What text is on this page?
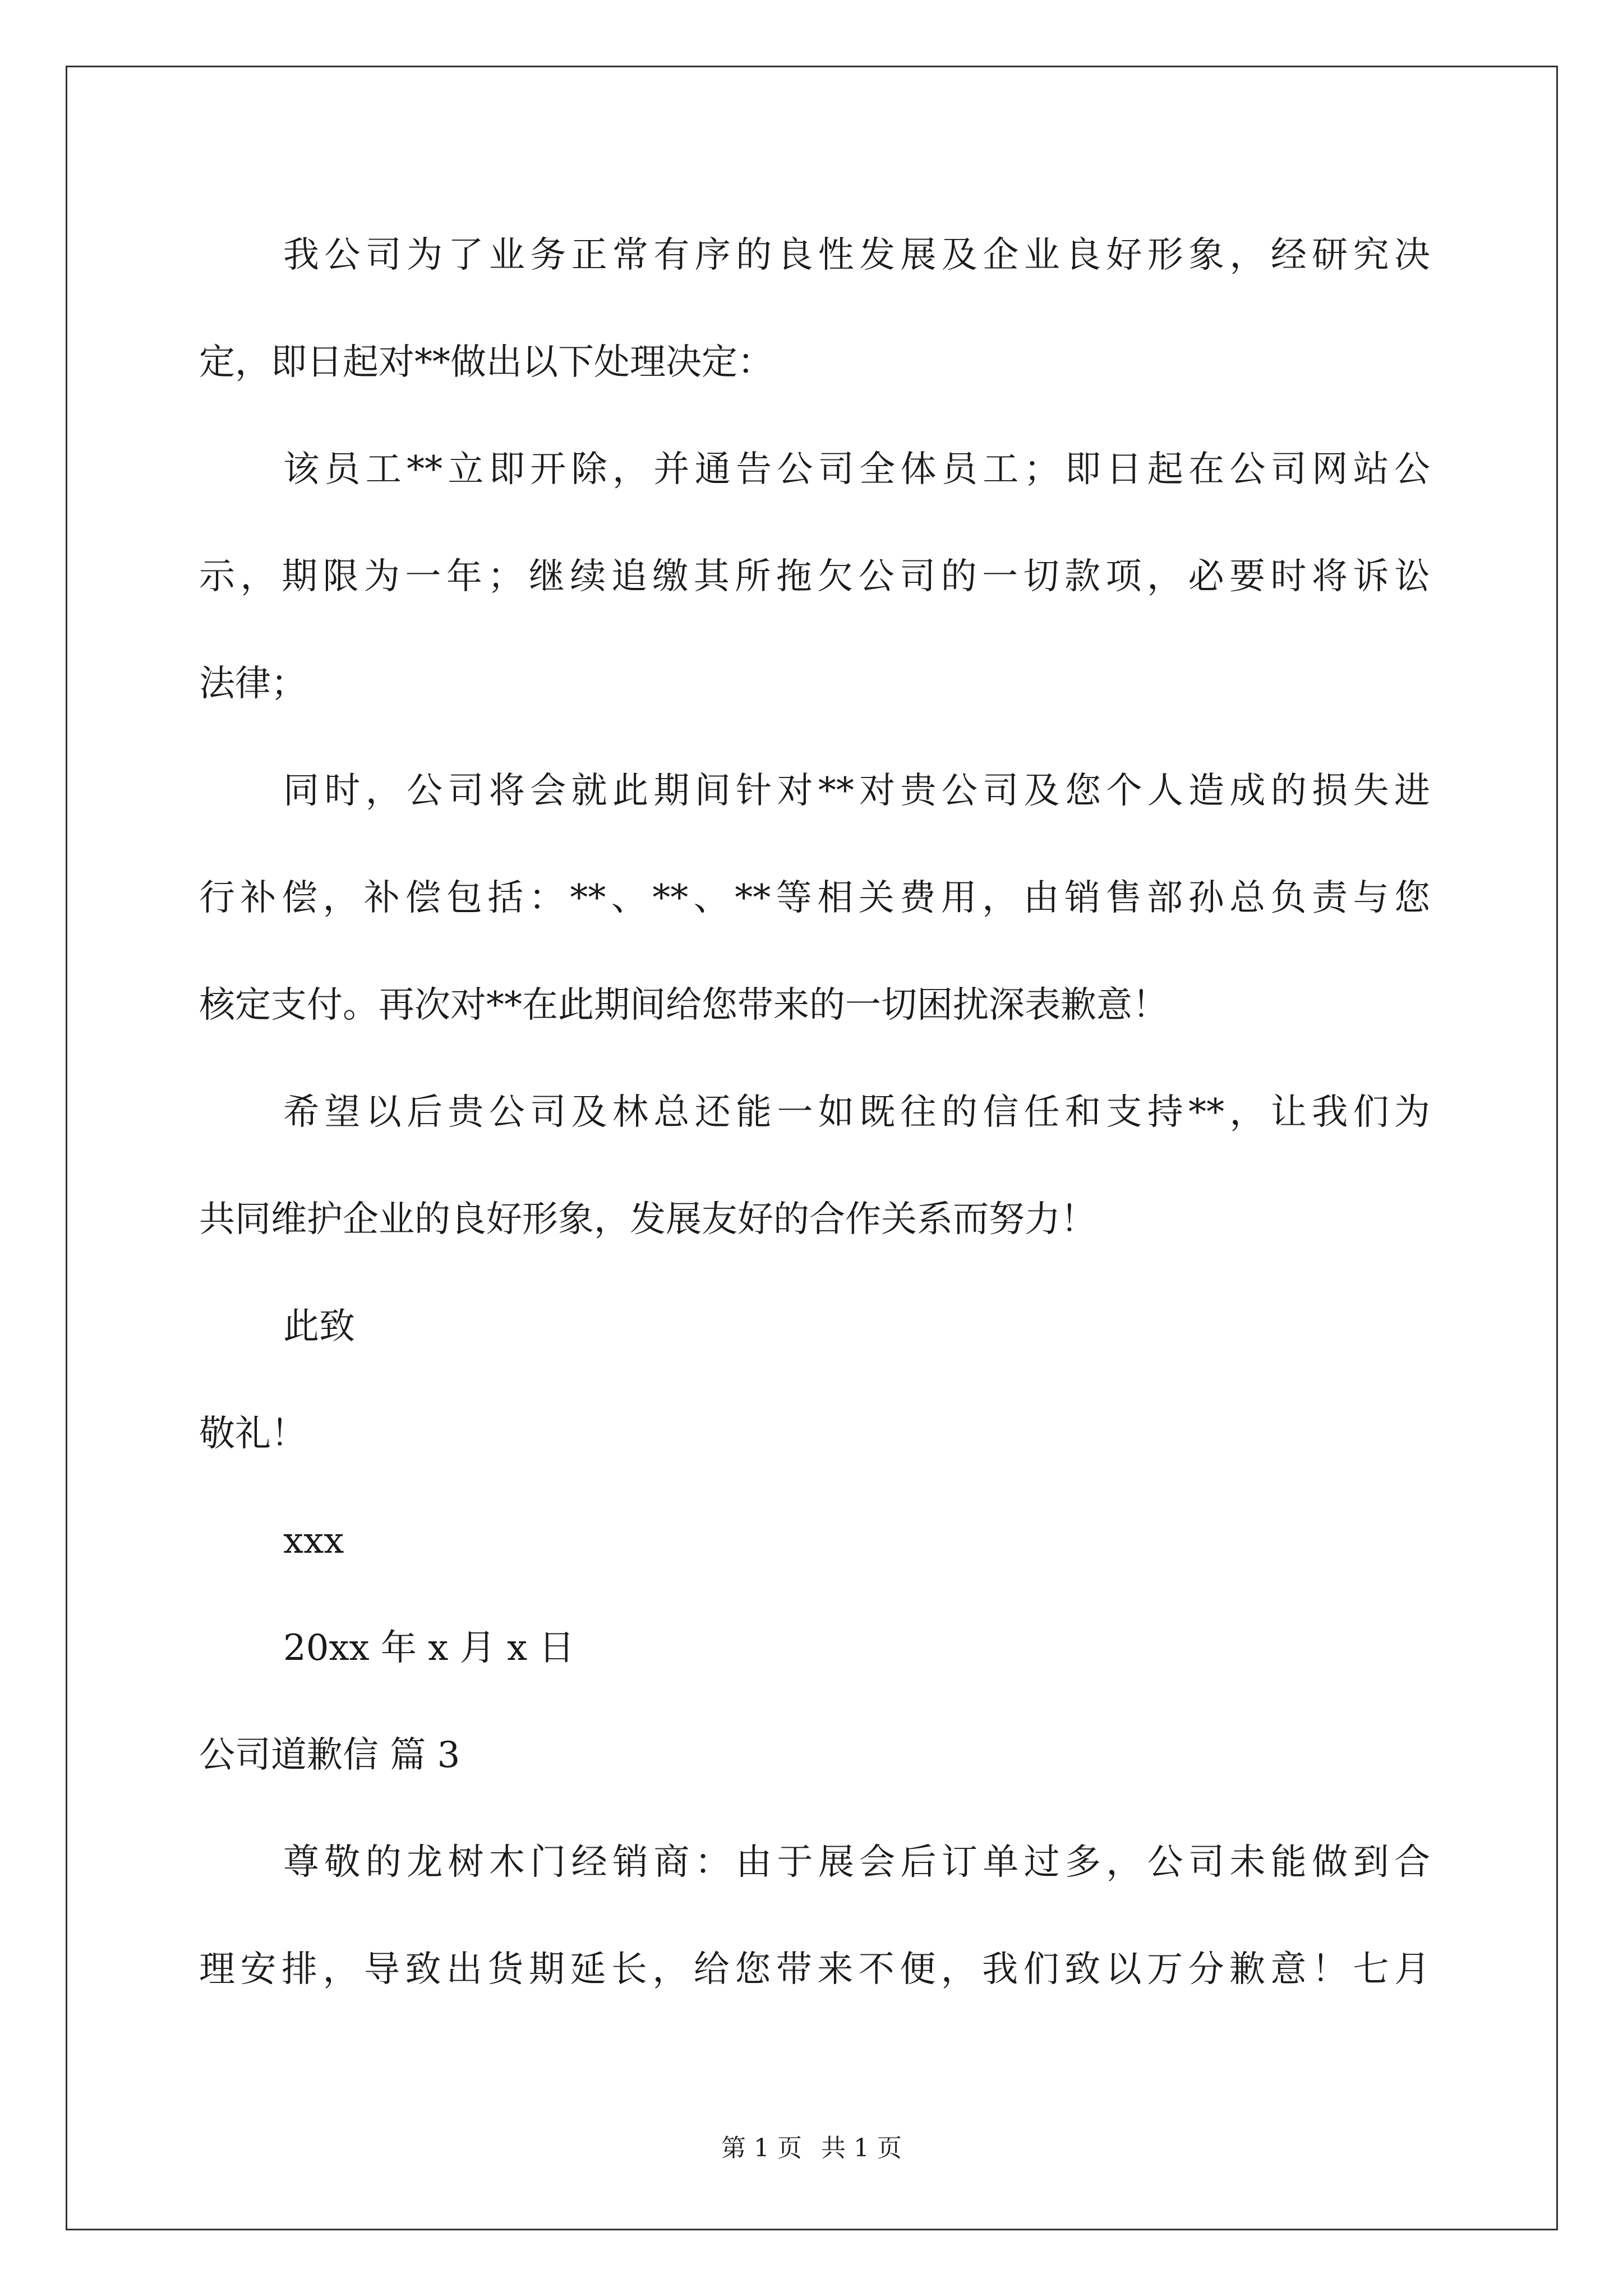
我公司为了业务正常有序的良性发展及企业良好形象，经研究决
定，即日起对**做出以下处理决定：
该员工**立即开除，并通告公司全体员工；即日起在公司网站公
示，期限为一年；继续追缴其所拖欠公司的一切款项，必要时将诉讼
法律；
同时，公司将会就此期间针对**对贵公司及您个人造成的损失进
行补偿，补偿包括：**、**、**等相关费用，由销售部孙总负责与您
核定支付。再次对**在此期间给您带来的一切困扰深表歉意！
希望以后贵公司及林总还能一如既往的信任和支持**，让我们为
共同维护企业的良好形象，发展友好的合作关系而努力！
此致
敬礼！
xxx
20xx 年 x 月 x 日
公司道歉信 篇 3
尊敬的龙树木门经销商：由于展会后订单过多，公司未能做到合
理安排，导致出货期延长，给您带来不便，我们致以万分歉意！七月
第 1 页 共 1 页
